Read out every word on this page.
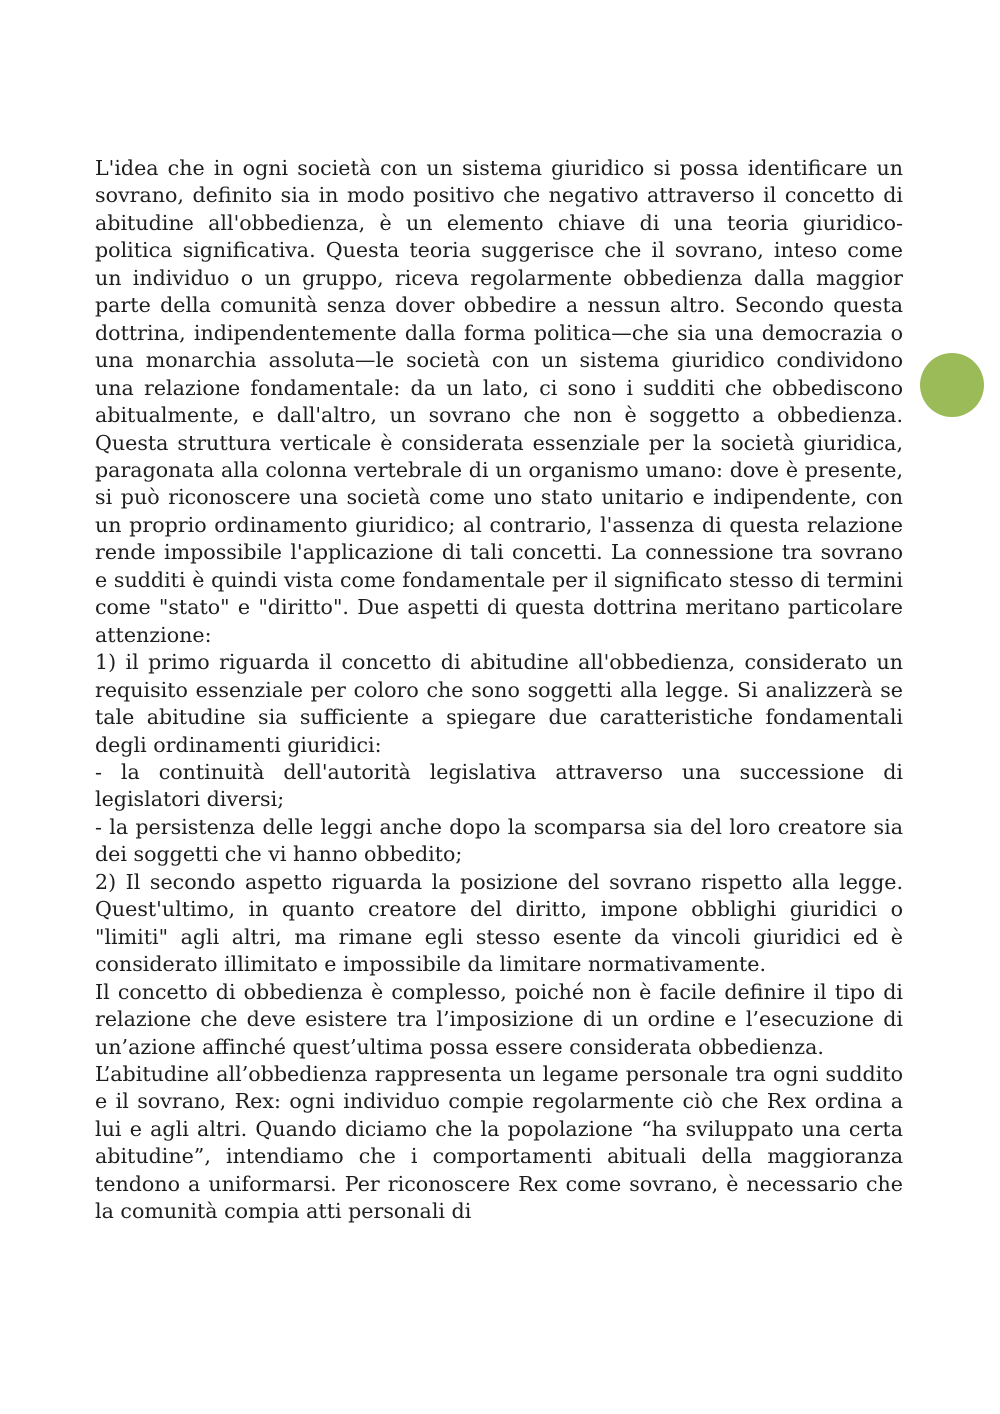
L'idea che in ogni società con un sistema giuridico si possa identificare un sovrano, definito sia in modo positivo che negativo attraverso il concetto di abitudine all'obbedienza, è un elemento chiave di una teoria giuridico-politica significativa. Questa teoria suggerisce che il sovrano, inteso come un individuo o un gruppo, riceva regolarmente obbedienza dalla maggior parte della comunità senza dover obbedire a nessun altro. Secondo questa dottrina, indipendentemente dalla forma politica—che sia una democrazia o una monarchia assoluta—le società con un sistema giuridico condividono una relazione fondamentale: da un lato, ci sono i sudditi che obbediscono abitualmente, e dall'altro, un sovrano che non è soggetto a obbedienza. Questa struttura verticale è considerata essenziale per la società giuridica, paragonata alla colonna vertebrale di un organismo umano: dove è presente, si può riconoscere una società come uno stato unitario e indipendente, con un proprio ordinamento giuridico; al contrario, l'assenza di questa relazione rende impossibile l'applicazione di tali concetti. La connessione tra sovrano e sudditi è quindi vista come fondamentale per il significato stesso di termini come "stato" e "diritto". Due aspetti di questa dottrina meritano particolare attenzione:

1) il primo riguarda il concetto di abitudine all'obbedienza, considerato un requisito essenziale per coloro che sono soggetti alla legge. Si analizzerà se tale abitudine sia sufficiente a spiegare due caratteristiche fondamentali degli ordinamenti giuridici:

- la continuità dell'autorità legislativa attraverso una successione di legislatori diversi;

- la persistenza delle leggi anche dopo la scomparsa sia del loro creatore sia dei soggetti che vi hanno obbedito;

2) Il secondo aspetto riguarda la posizione del sovrano rispetto alla legge. Quest'ultimo, in quanto creatore del diritto, impone obblighi giuridici o "limiti" agli altri, ma rimane egli stesso esente da vincoli giuridici ed è considerato illimitato e impossibile da limitare normativamente.

Il concetto di obbedienza è complesso, poiché non è facile definire il tipo di relazione che deve esistere tra l’imposizione di un ordine e l’esecuzione di un’azione affinché quest’ultima possa essere considerata obbedienza.

L’abitudine all’obbedienza rappresenta un legame personale tra ogni suddito e il sovrano, Rex: ogni individuo compie regolarmente ciò che Rex ordina a lui e agli altri. Quando diciamo che la popolazione “ha sviluppato una certa abitudine”, intendiamo che i comportamenti abituali della maggioranza tendono a uniformarsi. Per riconoscere Rex come sovrano, è necessario che la comunità compia atti personali di
